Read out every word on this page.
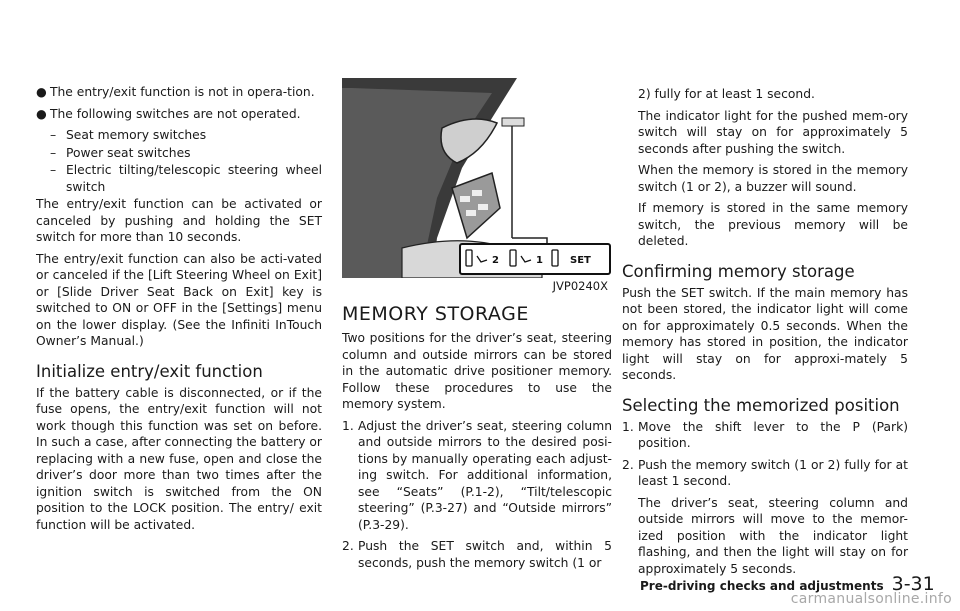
● The entry/exit function is not in opera-tion.

● The following switches are not operated.

– Seat memory switches

– Power seat switches

– Electric tilting/telescopic steering wheel switch

The entry/exit function can be activated or canceled by pushing and holding the SET switch for more than 10 seconds.

The entry/exit function can also be acti-vated or canceled if the [Lift Steering Wheel on Exit] or [Slide Driver Seat Back on Exit] key is switched to ON or OFF in the [Settings] menu on the lower display. (See the Infiniti InTouch Owner’s Manual.)

Initialize entry/exit function

If the battery cable is disconnected, or if the fuse opens, the entry/exit function will not work though this function was set on before. In such a case, after connecting the battery or replacing with a new fuse, open and close the driver’s door more than two times after the ignition switch is switched from the ON position to the LOCK position. The entry/ exit function will be activated.

2	1	SET
JVP0240X
MEMORY STORAGE

Two positions for the driver’s seat, steering column and outside mirrors can be stored in the automatic drive positioner memory. Follow these procedures to use the memory system.

1. Adjust the driver’s seat, steering column and outside mirrors to the desired posi-tions by manually operating each adjust-ing switch. For additional information, see “Seats” (P.1-2), “Tilt/telescopic steering” (P.3-27) and “Outside mirrors” (P.3-29).

2. Push the SET switch and, within 5 seconds, push the memory switch (1 or

2) fully for at least 1 second.

The indicator light for the pushed mem-ory switch will stay on for approximately 5 seconds after pushing the switch.

When the memory is stored in the memory switch (1 or 2), a buzzer will sound.

If memory is stored in the same memory switch, the previous memory will be deleted.

Confirming memory storage

Push the SET switch. If the main memory has not been stored, the indicator light will come on for approximately 0.5 seconds. When the memory has stored in position, the indicator light will stay on for approxi-mately 5 seconds.

Selecting the memorized position

1. Move the shift lever to the P (Park) position.

2. Push the memory switch (1 or 2) fully for at least 1 second.

The driver’s seat, steering column and outside mirrors will move to the memor-ized position with the indicator light flashing, and then the light will stay on for approximately 5 seconds.

Pre-driving checks and adjustments 3-31
carmanualsonline.info
